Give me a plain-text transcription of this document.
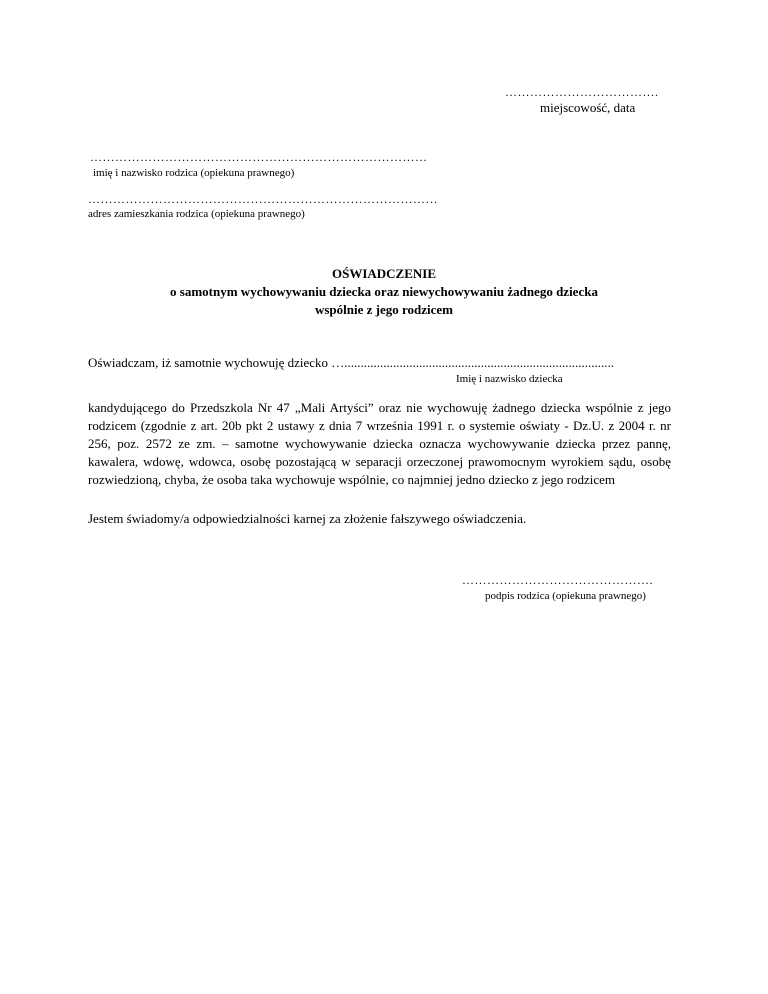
……………………………….
miejscowość, data
………………………………………………………………………
imię i nazwisko rodzica (opiekuna prawnego)
…………………………………………………………………………
adres zamieszkania rodzica (opiekuna prawnego)
OŚWIADCZENIE
o samotnym wychowywaniu dziecka oraz niewychowywaniu żadnego dziecka
wspólnie z jego rodzicem
Oświadczam, iż samotnie wychowuję dziecko …...................................................................................
Imię i nazwisko dziecka
kandydującego do Przedszkola Nr 47 „Mali Artyści” oraz nie wychowuję żadnego dziecka wspólnie z jego rodzicem (zgodnie z art. 20b pkt 2 ustawy z dnia 7 września 1991 r. o systemie oświaty - Dz.U. z 2004 r. nr 256, poz. 2572 ze zm. – samotne wychowywanie dziecka oznacza wychowywanie dziecka przez pannę, kawalera, wdowę, wdowca, osobę pozostającą w separacji orzeczonej prawomocnym wyrokiem sądu, osobę rozwiedzioną, chyba, że osoba taka wychowuje wspólnie, co najmniej jedno dziecko z jego rodzicem
Jestem świadomy/a odpowiedzialności karnej za złożenie fałszywego oświadczenia.
……………………………………….
podpis rodzica (opiekuna prawnego)
